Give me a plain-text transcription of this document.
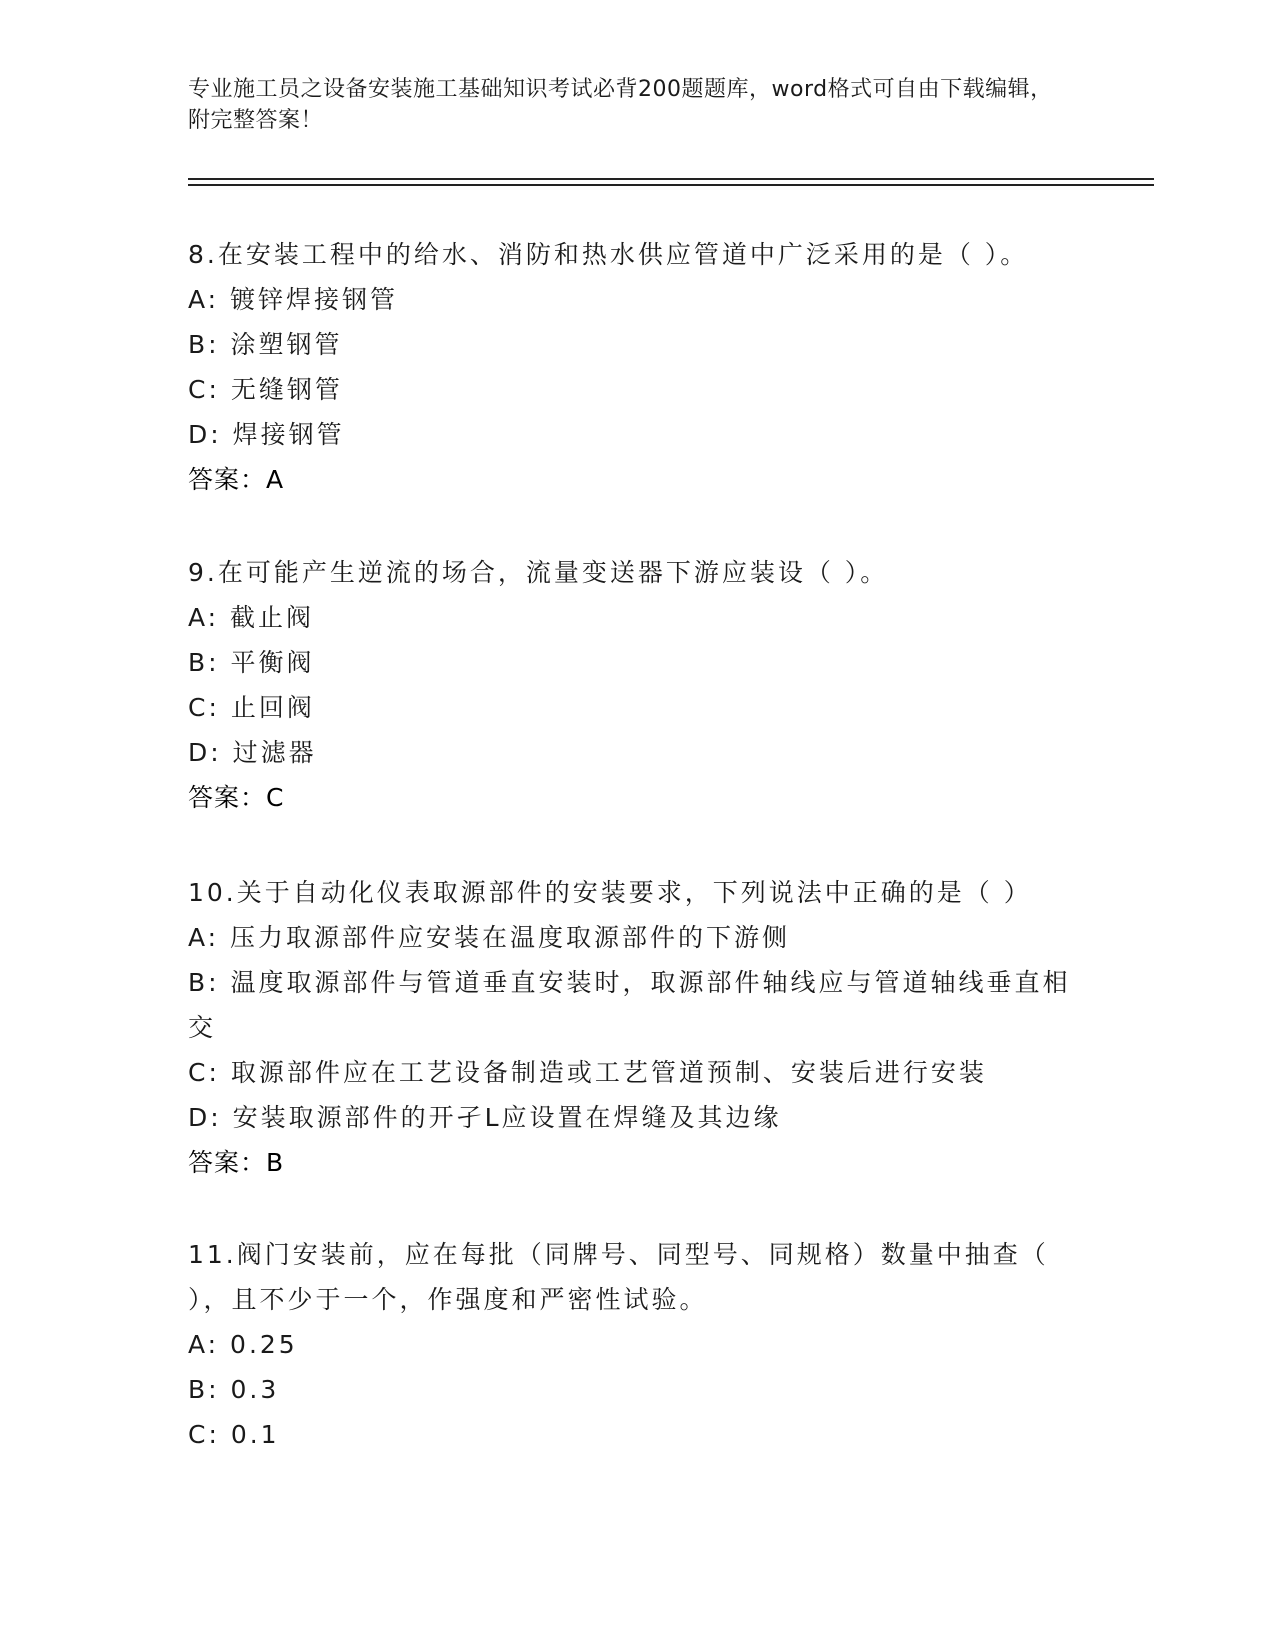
专业施工员之设备安装施工基础知识考试必背200题题库，word格式可自由下载编辑，附完整答案！
8.在安装工程中的给水、消防和热水供应管道中广泛采用的是（ ）。
A: 镀锌焊接钢管
B: 涂塑钢管
C: 无缝钢管
D: 焊接钢管
答案：A
9.在可能产生逆流的场合，流量变送器下游应装设（ ）。
A: 截止阀
B: 平衡阀
C: 止回阀
D: 过滤器
答案：C
10.关于自动化仪表取源部件的安装要求，下列说法中正确的是（ ）
A: 压力取源部件应安装在温度取源部件的下游侧
B: 温度取源部件与管道垂直安装时，取源部件轴线应与管道轴线垂直相交
C: 取源部件应在工艺设备制造或工艺管道预制、安装后进行安装
D: 安装取源部件的开孑L应设置在焊缝及其边缘
答案：B
11.阀门安装前，应在每批（同牌号、同型号、同规格）数量中抽查（ ），且不少于一个，作强度和严密性试验。
A: 0.25
B: 0.3
C: 0.1
